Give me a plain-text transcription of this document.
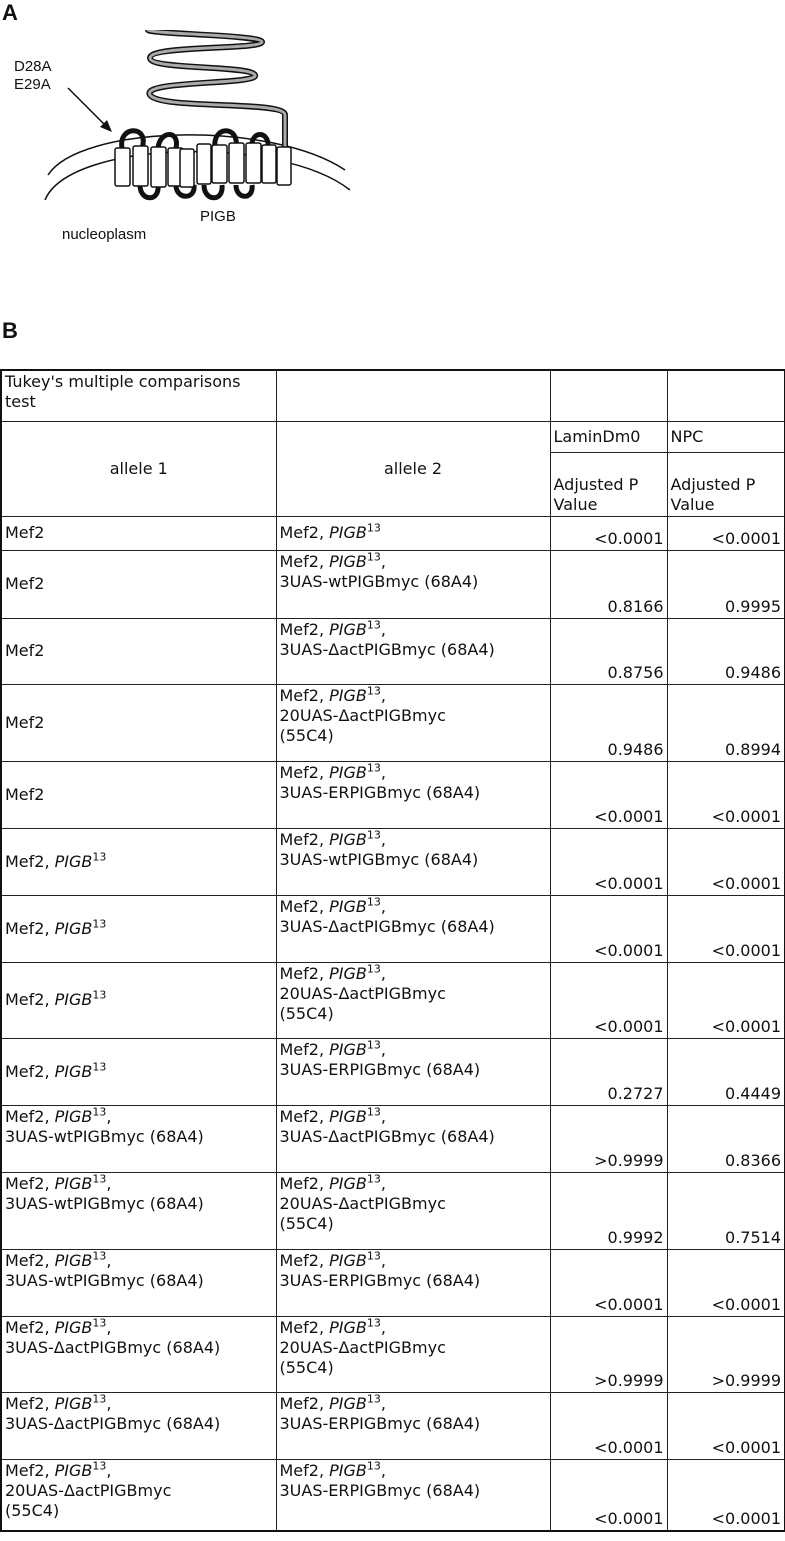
A
D28A
E29A
PIGB
nucleoplasm
B
Tukey's multiple comparisons test			
allele 1	allele 2	LaminDm0	NPC

		Adjusted P Value	Adjusted P Value

Mef2	Mef2, $PIGB^{13}$	<0.0001	<0.0001

Mef2	Mef2, PIGB$^{13}$,
3UAS-wtPIGBmyc (68A4)	0.8166	0.9995

Mef2	Mef2, PIGB$^{13}$,
3UAS-ΔactPIGBmyc (68A4)	0.8756	0.9486

Mef2	Mef2, PIGB$^{13}$,
20UAS-ΔactPIGBmyc
(55C4)	0.9486	0.8994

Mef2	Mef2, PIGB$^{13}$,
3UAS-ERPIGBmyc (68A4)	<0.0001	<0.0001

Mef2, PIGB$^{13}$	Mef2, PIGB$^{13}$,
3UAS-wtPIGBmyc (68A4)	<0.0001	<0.0001

Mef2, PIGB$^{13}$	Mef2, PIGB$^{13}$,
3UAS-ΔactPIGBmyc (68A4)	<0.0001	<0.0001

Mef2, PIGB$^{13}$	Mef2, PIGB$^{13}$,
20UAS-ΔactPIGBmyc
(55C4)	<0.0001	<0.0001

Mef2, PIGB$^{13}$	Mef2, PIGB$^{13}$,
3UAS-ERPIGBmyc (68A4)	0.2727	0.4449

Mef2, PIGB$^{13}$,
3UAS-wtPIGBmyc (68A4)	Mef2, PIGB$^{13}$,
3UAS-ΔactPIGBmyc (68A4)	>0.9999	0.8366

Mef2, PIGB$^{13}$,
3UAS-wtPIGBmyc (68A4)	Mef2, PIGB$^{13}$,
20UAS-ΔactPIGBmyc
(55C4)	0.9992	0.7514

Mef2, PIGB$^{13}$,
3UAS-wtPIGBmyc (68A4)	Mef2, PIGB$^{13}$,
3UAS-ERPIGBmyc (68A4)	<0.0001	<0.0001

Mef2, PIGB$^{13}$,
3UAS-ΔactPIGBmyc (68A4)	Mef2, PIGB$^{13}$,
20UAS-ΔactPIGBmyc
(55C4)	>0.9999	>0.9999

Mef2, PIGB$^{13}$,
3UAS-ΔactPIGBmyc (68A4)	Mef2, PIGB$^{13}$,
3UAS-ERPIGBmyc (68A4)	<0.0001	<0.0001

Mef2, PIGB$^{13}$,
20UAS-ΔactPIGBmyc
(55C4)	Mef2, PIGB$^{13}$,
3UAS-ERPIGBmyc (68A4)	<0.0001	<0.0001
